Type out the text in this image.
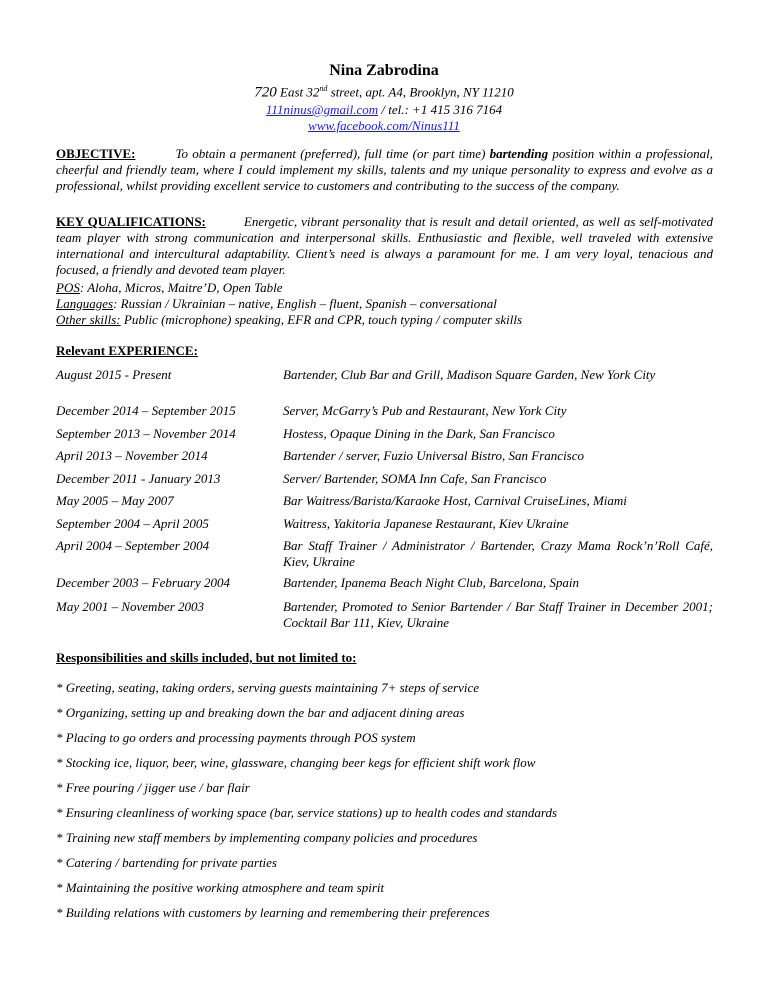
Nina Zabrodina
720 East 32nd street, apt. A4, Brooklyn, NY 11210
111ninus@gmail.com / tel.: +1 415 316 7164
www.facebook.com/Ninus111
OBJECTIVE:	To obtain a permanent (preferred), full time (or part time) bartending position within a professional, cheerful and friendly team, where I could implement my skills, talents and my unique personality to express and evolve as a professional, whilst providing excellent service to customers and contributing to the success of the company.
KEY QUALIFICATIONS:	Energetic, vibrant personality that is result and detail oriented, as well as self-motivated team player with strong communication and interpersonal skills. Enthusiastic and flexible, well traveled with extensive international and intercultural adaptability. Client’s need is always a paramount for me. I am very loyal, tenacious and focused, a friendly and devoted team player.
POS: Aloha, Micros, Maitre’D, Open Table
Languages: Russian / Ukrainian – native, English – fluent, Spanish – conversational
Other skills: Public (microphone) speaking, EFR and CPR, touch typing / computer skills
Relevant EXPERIENCE:
August 2015 - Present	Bartender, Club Bar and Grill, Madison Square Garden, New York City
December 2014 – September 2015	Server, McGarry’s Pub and Restaurant, New York City
September 2013 – November 2014	Hostess, Opaque Dining in the Dark, San Francisco
April 2013 – November 2014	Bartender / server, Fuzio Universal Bistro, San Francisco
December 2011 - January 2013	Server/ Bartender, SOMA Inn Cafe, San Francisco
May 2005 – May 2007	Bar Waitress/Barista/Karaoke Host, Carnival CruiseLines, Miami
September 2004 – April 2005	Waitress, Yakitoria Japanese Restaurant, Kiev Ukraine
April 2004 – September 2004	Bar Staff Trainer / Administrator / Bartender, Crazy Mama Rock’n’Roll Café, Kiev, Ukraine
December 2003 – February 2004	Bartender, Ipanema Beach Night Club, Barcelona, Spain
May 2001 – November 2003	Bartender, Promoted to Senior Bartender / Bar Staff Trainer in December 2001; Cocktail Bar 111, Kiev, Ukraine
Responsibilities and skills included, but not limited to:
* Greeting, seating, taking orders, serving guests maintaining 7+ steps of service
* Organizing, setting up and breaking down the bar and adjacent dining areas
* Placing to go orders and processing payments through POS system
* Stocking ice, liquor, beer, wine, glassware, changing beer kegs for efficient shift work flow
* Free pouring / jigger use / bar flair
* Ensuring cleanliness of working space (bar, service stations) up to health codes and standards
* Training new staff members by implementing company policies and procedures
* Catering / bartending for private parties
* Maintaining the positive working atmosphere and team spirit
* Building relations with customers by learning and remembering their preferences
